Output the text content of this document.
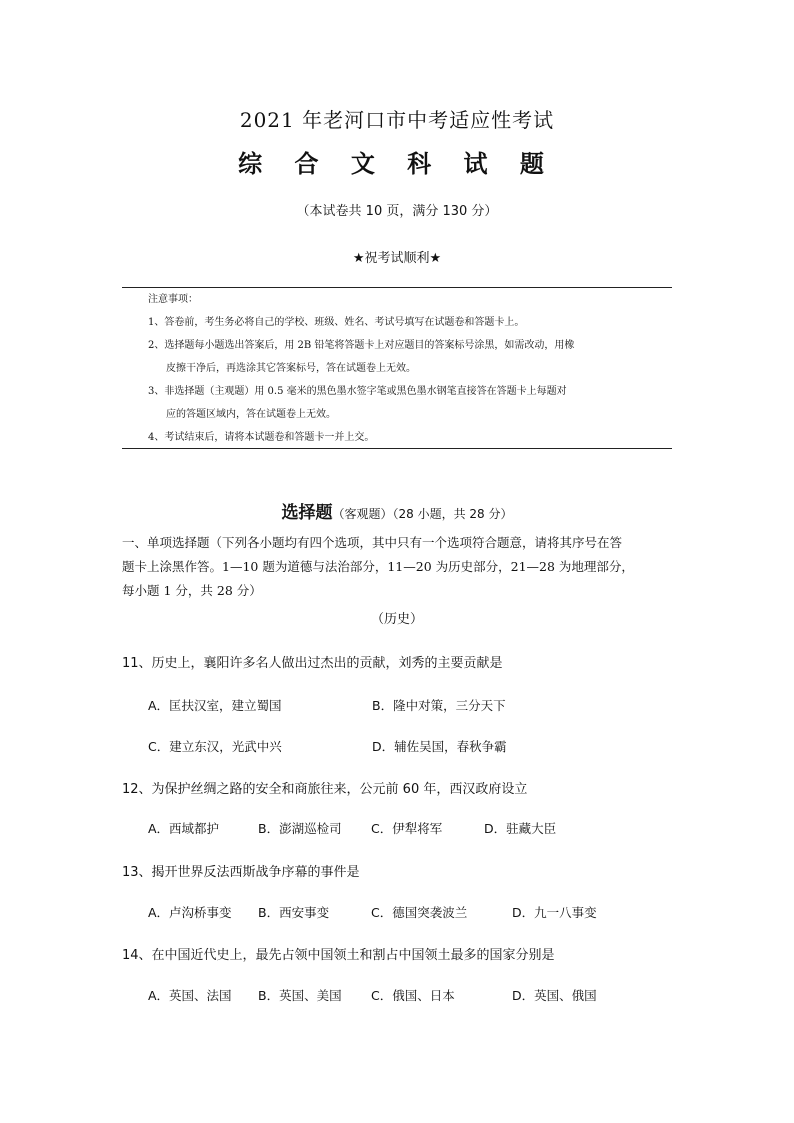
2021 年老河口市中考适应性考试
综 合 文 科 试 题
（本试卷共 10 页，满分 130 分）
★祝考试顺利★
注意事项：
1、答卷前，考生务必将自己的学校、班级、姓名、考试号填写在试题卷和答题卡上。
2、选择题每小题选出答案后，用 2B 铅笔将答题卡上对应题目的答案标号涂黑，如需改动，用橡
皮擦干净后，再选涂其它答案标号，答在试题卷上无效。
3、非选择题（主观题）用 0.5 毫米的黑色墨水签字笔或黑色墨水钢笔直接答在答题卡上每题对
应的答题区域内，答在试题卷上无效。
4、考试结束后，请将本试题卷和答题卡一并上交。
选择题（客观题）（28 小题，共 28 分）
一、单项选择题（下列各小题均有四个选项，其中只有一个选项符合题意，请将其序号在答
题卡上涂黑作答。1—10 题为道德与法治部分，11—20 为历史部分，21—28 为地理部分，
每小题 1 分，共 28 分）
（历史）
11、历史上，襄阳许多名人做出过杰出的贡献，刘秀的主要贡献是
A．匡扶汉室，建立蜀国	B．隆中对策，三分天下
C．建立东汉，光武中兴	D．辅佐吴国，春秋争霸
12、为保护丝绸之路的安全和商旅往来，公元前 60 年，西汉政府设立
A．西域都护	B．澎湖巡检司 C．伊犁将军	D．驻藏大臣
13、揭开世界反法西斯战争序幕的事件是
A．卢沟桥事变 B．西安事变	C．德国突袭波兰	D．九一八事变
14、在中国近代史上，最先占领中国领土和割占中国领土最多的国家分别是
A．英国、法国 B．英国、美国 C．俄国、日本	D．英国、俄国
